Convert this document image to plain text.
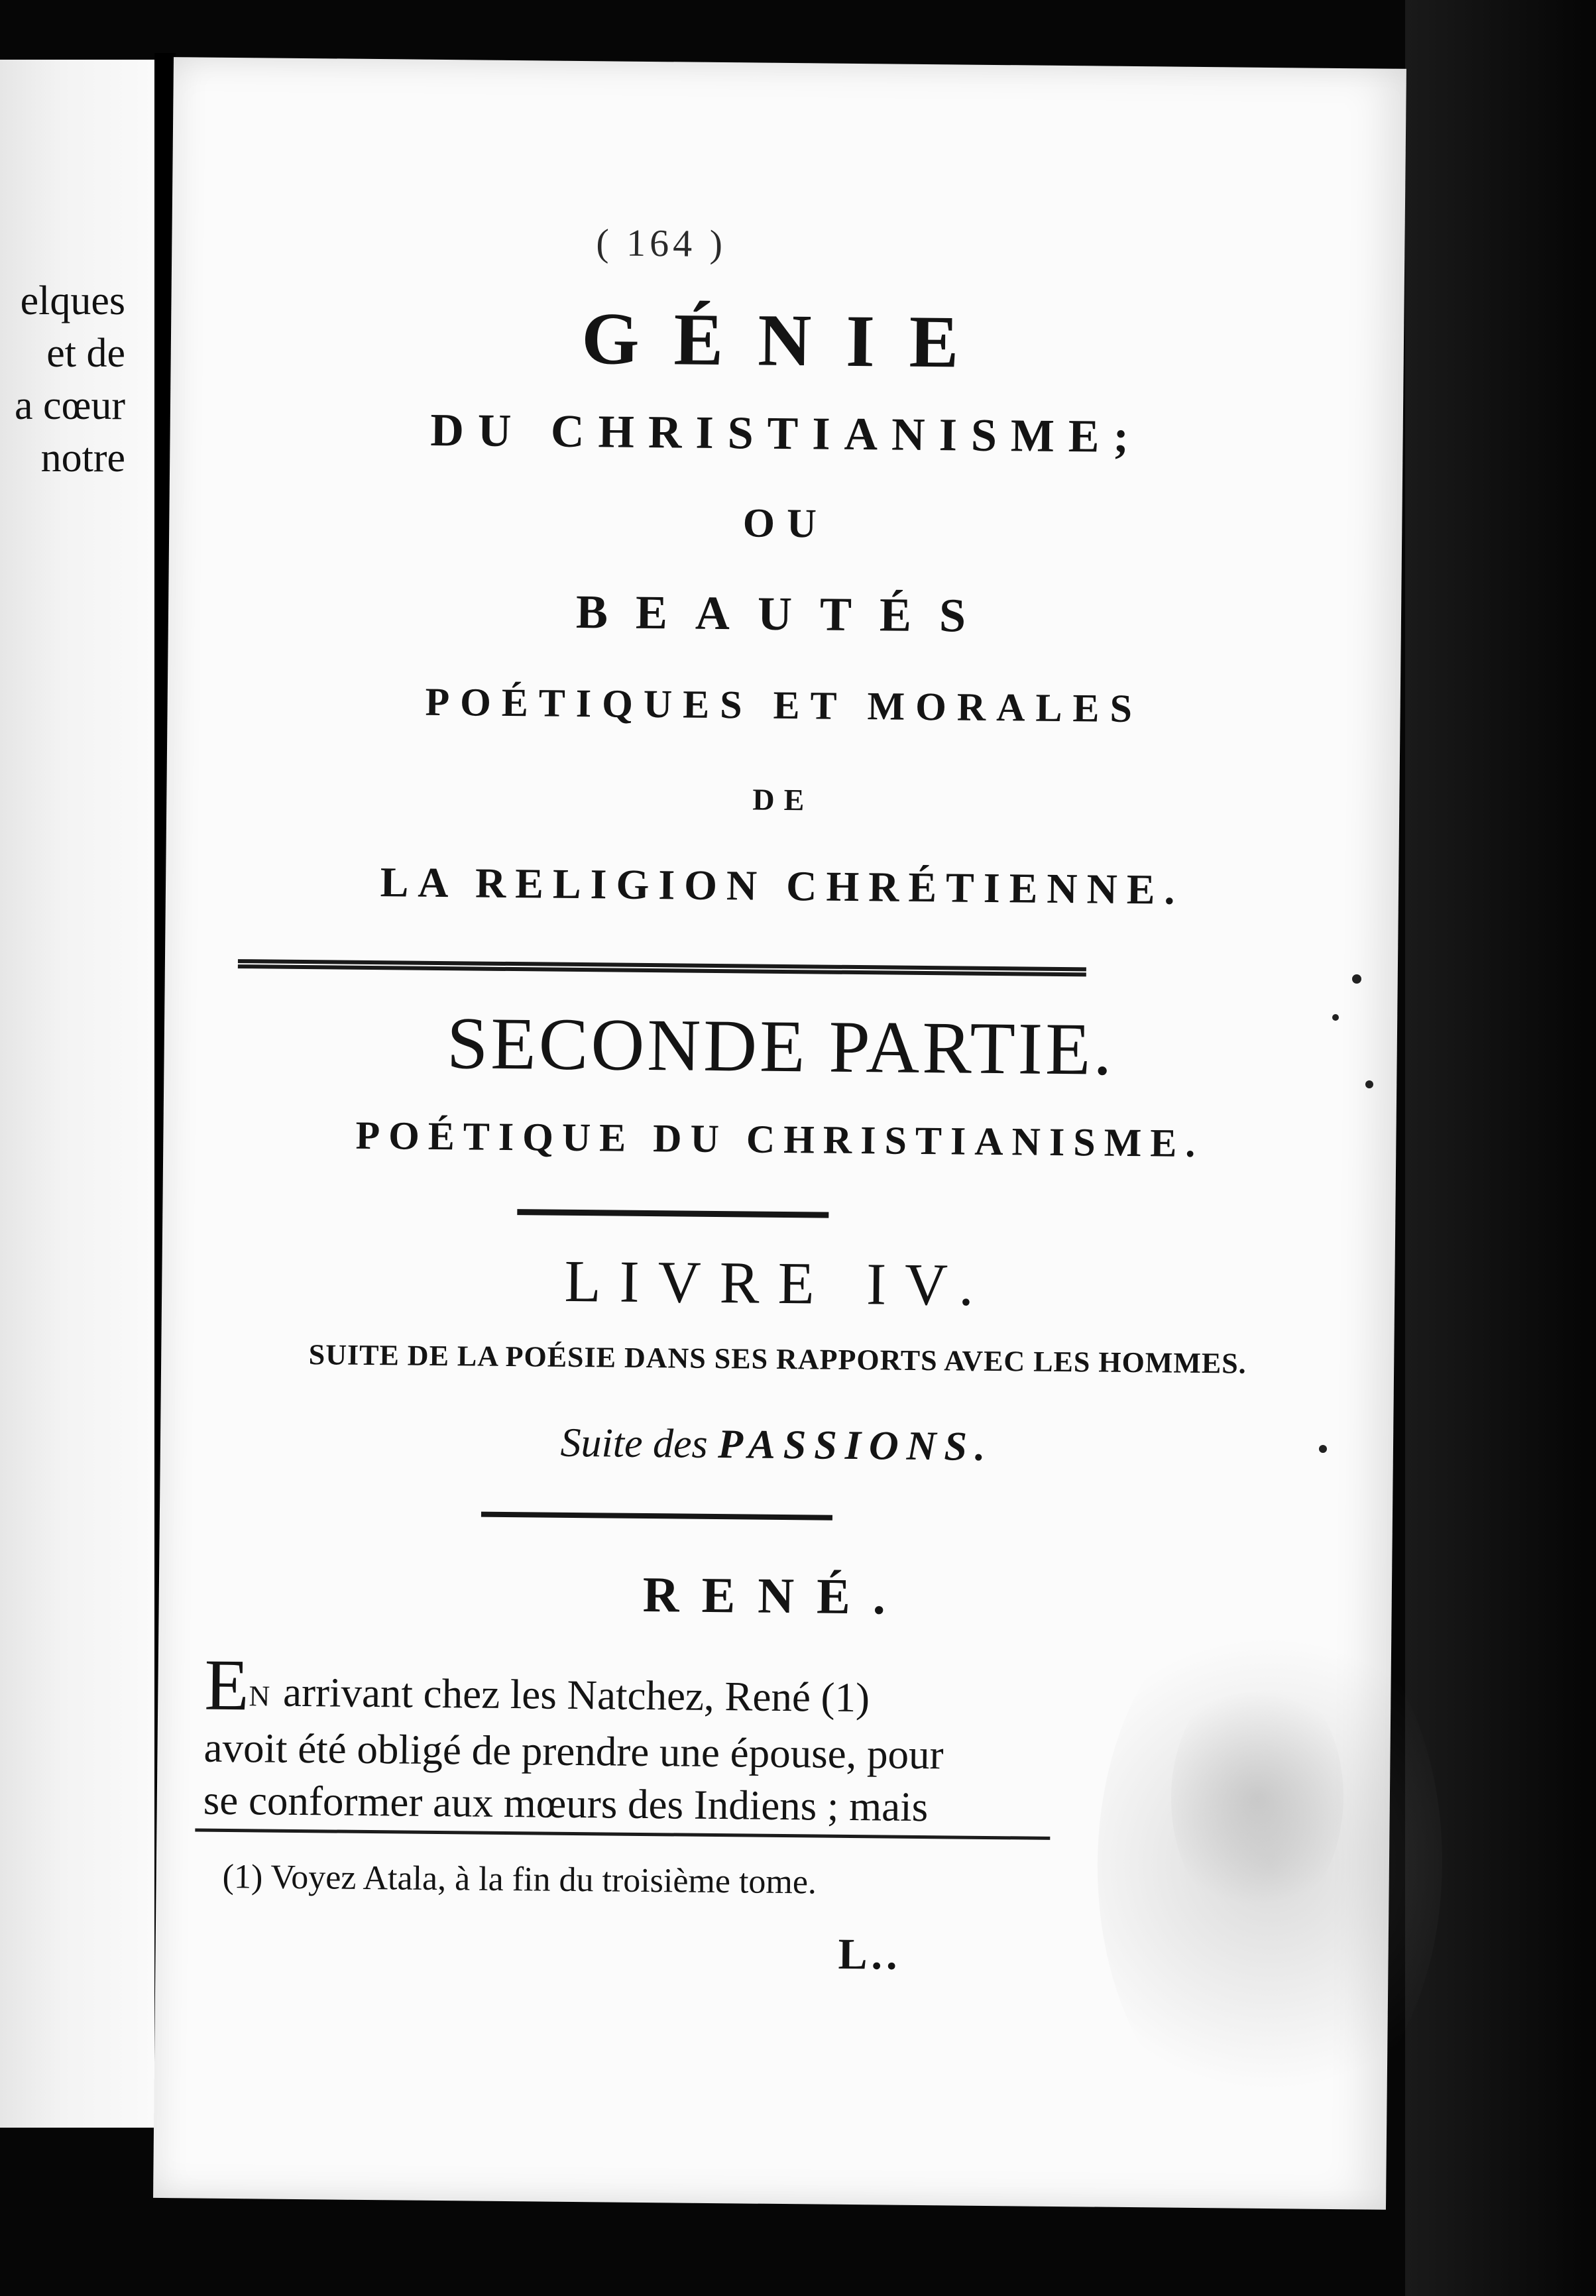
elques
et de
a cœur
notre
( 164 )
GÉNIE
DU CHRISTIANISME;
OU
BEAUTÉS
POÉTIQUES ET MORALES
DE
LA RELIGION CHRÉTIENNE.
SECONDE PARTIE.
POÉTIQUE DU CHRISTIANISME.
LIVRE IV.
SUITE DE LA POÉSIE DANS SES RAPPORTS AVEC LES HOMMES.
Suite des PASSIONS.
RENÉ.
EN arrivant chez les Natchez, René (1)
avoit été obligé de prendre une épouse, pour
se conformer aux mœurs des Indiens ; mais
(1) Voyez Atala, à la fin du troisième tome.
L..
